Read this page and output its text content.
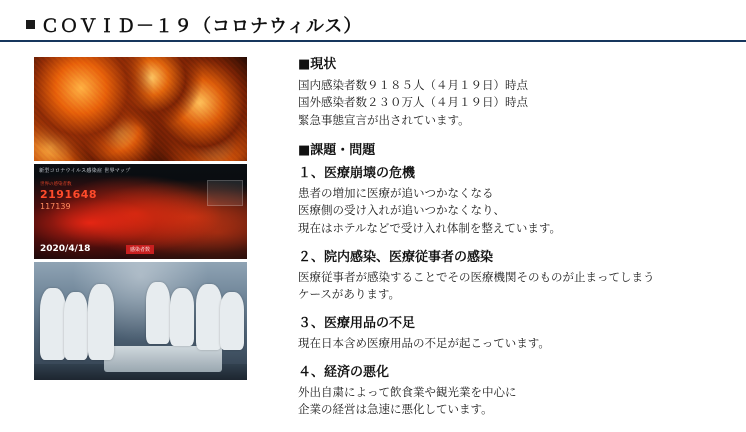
ＣＯＶＩＤ－１９（コロナウィルス）
新型コロナウイルス感染症 世界マップ
世界の感染者数
2191648
117139
2020/4/18	感染者数

■現状

国内感染者数９１８５人（４月１９日）時点

国外感染者数２３０万人（４月１９日）時点

緊急事態宣言が出されています。

■課題・問題

１、医療崩壊の危機

患者の増加に医療が追いつかなくなる

医療側の受け入れが追いつかなくなり、

現在はホテルなどで受け入れ体制を整えています。

２、院内感染、医療従事者の感染

医療従事者が感染することでその医療機関そのものが止まってしまう

ケースがあります。

３、医療用品の不足

現在日本含め医療用品の不足が起こっています。

４、経済の悪化

外出自粛によって飲食業や観光業を中心に

企業の経営は急速に悪化しています。
